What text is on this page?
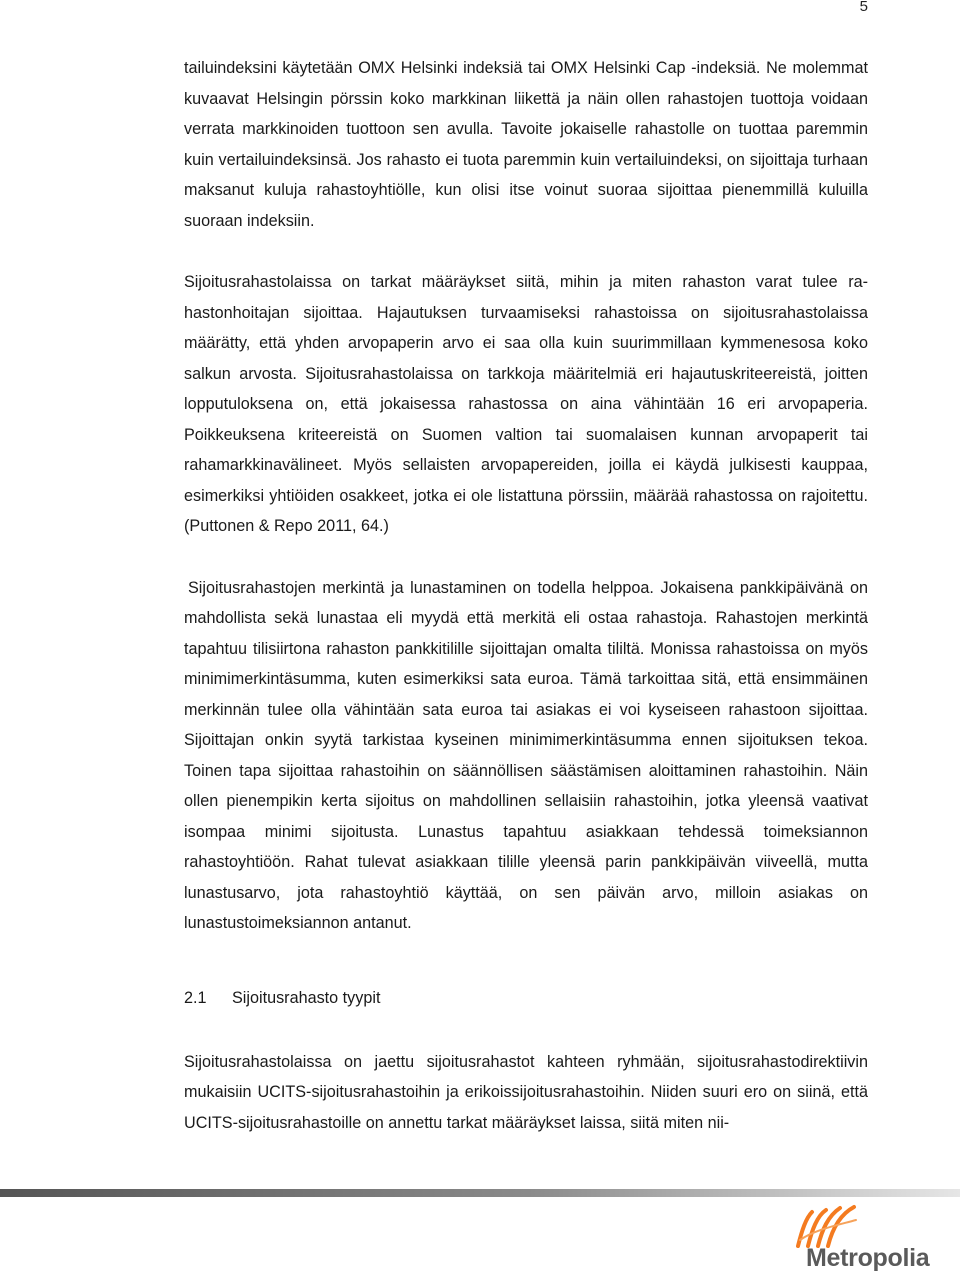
5

tailuindeksini käytetään OMX Helsinki indeksiä tai OMX Helsinki Cap -indeksiä. Ne molemmat kuvaavat Helsingin pörssin koko markkinan liikettä ja näin ollen rahastojen tuottoja voidaan verrata markkinoiden tuottoon sen avulla. Tavoite jokaiselle rahastolle on tuottaa paremmin kuin vertailuindeksinsä. Jos rahasto ei tuota paremmin kuin vertailuindeksi, on sijoittaja turhaan maksanut kuluja rahastoyhtiölle, kun olisi itse voinut suoraa sijoittaa pienemmillä kuluilla suoraan indeksiin.

Sijoitusrahastolaissa on tarkat määräykset siitä, mihin ja miten rahaston varat tulee rahastonhoitajan sijoittaa. Hajautuksen turvaamiseksi rahastoissa on sijoitusrahastolaissa määrätty, että yhden arvopaperin arvo ei saa olla kuin suurimmillaan kymmenesosa koko salkun arvosta. Sijoitusrahastolaissa on tarkkoja määritelmiä eri hajautuskriteereistä, joitten lopputuloksena on, että jokaisessa rahastossa on aina vähintään 16 eri arvopaperia. Poikkeuksena kriteereistä on Suomen valtion tai suomalaisen kunnan arvopaperit tai rahamarkkinavälineet. Myös sellaisten arvopapereiden, joilla ei käydä julkisesti kauppaa, esimerkiksi yhtiöiden osakkeet, jotka ei ole listattuna pörssiin, määrää rahastossa on rajoitettu. (Puttonen & Repo 2011, 64.)

Sijoitusrahastojen merkintä ja lunastaminen on todella helppoa. Jokaisena pankkipäivänä on mahdollista sekä lunastaa eli myydä että merkitä eli ostaa rahastoja. Rahastojen merkintä tapahtuu tilisiirtona rahaston pankkitilille sijoittajan omalta tililtä. Monissa rahastoissa on myös minimimerkintäsumma, kuten esimerkiksi sata euroa. Tämä tarkoittaa sitä, että ensimmäinen merkinnän tulee olla vähintään sata euroa tai asiakas ei voi kyseiseen rahastoon sijoittaa. Sijoittajan onkin syytä tarkistaa kyseinen minimimerkintäsumma ennen sijoituksen tekoa. Toinen tapa sijoittaa rahastoihin on säännöllisen säästämisen aloittaminen rahastoihin. Näin ollen pienempikin kerta sijoitus on mahdollinen sellaisiin rahastoihin, jotka yleensä vaativat isompaa minimi sijoitusta. Lunastus tapahtuu asiakkaan tehdessä toimeksiannon rahastoyhtiöön. Rahat tulevat asiakkaan tilille yleensä parin pankkipäivän viiveellä, mutta lunastusarvo, jota rahastoyhtiö käyttää, on sen päivän arvo, milloin asiakas on lunastustoimeksiannon antanut.

2.1	Sijoitusrahasto tyypit

Sijoitusrahastolaissa on jaettu sijoitusrahastot kahteen ryhmään, sijoitusrahastodirektiivin mukaisiin UCITS-sijoitusrahastoihin ja erikoissijoitusrahastoihin. Niiden suuri ero on siinä, että UCITS-sijoitusrahastoille on annettu tarkat määräykset laissa, siitä miten nii-

Metropolia
